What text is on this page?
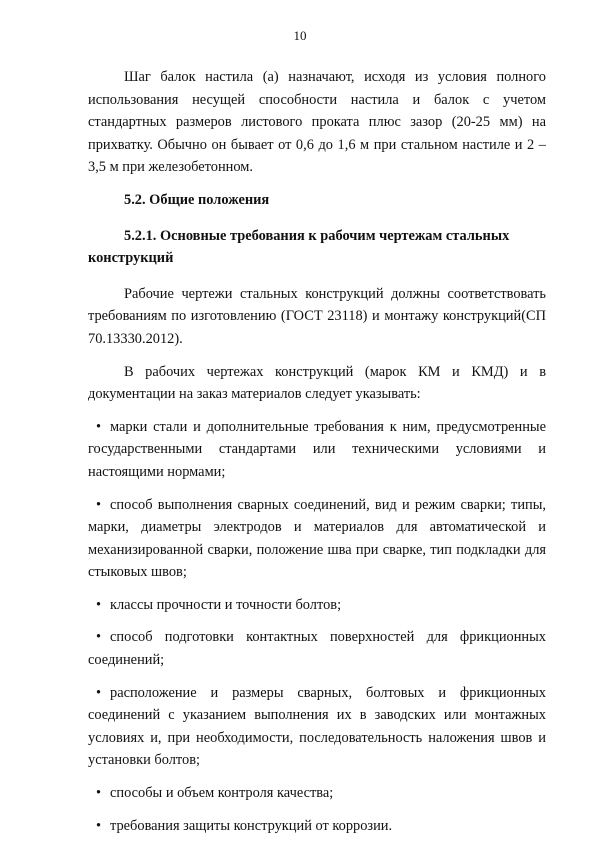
10

Шаг балок настила (а) назначают, исходя из условия полного использования несущей способности настила и балок с учетом стандартных размеров листового проката плюс зазор (20-25 мм) на прихватку. Обычно он бывает от 0,6 до 1,6 м при стальном настиле и 2 – 3,5 м при железобетонном.

5.2. Общие положения

5.2.1. Основные требования к рабочим чертежам стальных конструкций

Рабочие чертежи стальных конструкций должны соответствовать требованиям по изготовлению (ГОСТ 23118) и монтажу конструкций(СП 70.13330.2012).

В рабочих чертежах конструкций (марок КМ и КМД) и в документации на заказ материалов следует указывать:

• марки стали и дополнительные требования к ним, предусмотренные государственными стандартами или техническими условиями и настоящими нормами;
• способ выполнения сварных соединений, вид и режим сварки; типы, марки, диаметры электродов и материалов для автоматической и механизированной сварки, положение шва при сварке, тип подкладки для стыковых швов;
• классы прочности и точности болтов;
• способ подготовки контактных поверхностей для фрикционных соединений;
• расположение и размеры сварных, болтовых и фрикционных соединений с указанием выполнения их в заводских или монтажных условиях и, при необходимости, последовательность наложения швов и установки болтов;
• способы и объем контроля качества;
• требования защиты конструкций от коррозии.
